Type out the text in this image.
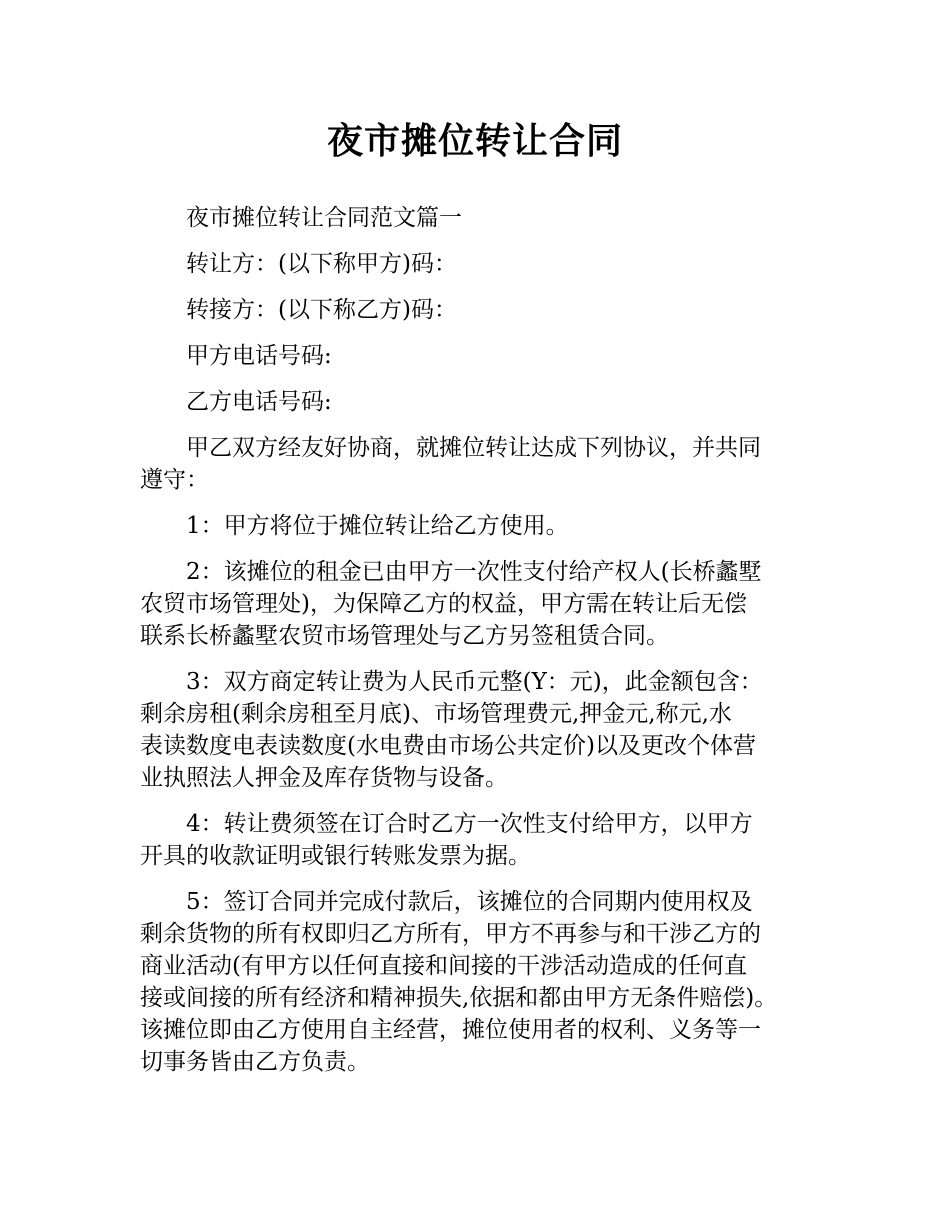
夜市摊位转让合同

夜市摊位转让合同范文篇一

转让方：(以下称甲方)码：

转接方：(以下称乙方)码：

甲方电话号码:

乙方电话号码:

甲乙双方经友好协商，就摊位转让达成下列协议，并共同
遵守：

1：甲方将位于摊位转让给乙方使用。

2：该摊位的租金已由甲方一次性支付给产权人(长桥蠡墅
农贸市场管理处)，为保障乙方的权益，甲方需在转让后无偿
联系长桥蠡墅农贸市场管理处与乙方另签租赁合同。

3：双方商定转让费为人民币元整(Y：元)，此金额包含：
剩余房租(剩余房租至月底)、市场管理费元,押金元,称元,水
表读数度电表读数度(水电费由市场公共定价)以及更改个体营
业执照法人押金及库存货物与设备。

4：转让费须签在订合时乙方一次性支付给甲方，以甲方
开具的收款证明或银行转账发票为据。

5：签订合同并完成付款后，该摊位的合同期内使用权及
剩余货物的所有权即归乙方所有，甲方不再参与和干涉乙方的
商业活动(有甲方以任何直接和间接的干涉活动造成的任何直
接或间接的所有经济和精神损失,依据和都由甲方无条件赔偿)。
该摊位即由乙方使用自主经营，摊位使用者的权利、义务等一
切事务皆由乙方负责。
